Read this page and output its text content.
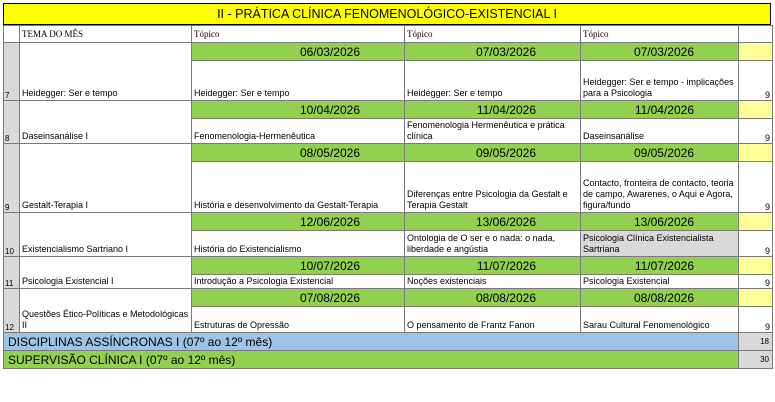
II - PRÁTICA CLÍNICA FENOMENOLÓGICO-EXISTENCIAL I
	TEMA DO MÊS	Tópico	Tópico	Tópico	
7	Heidegger: Ser e tempo	06/03/2026	07/03/2026	07/03/2026	
		Heidegger: Ser e tempo	Heidegger: Ser e tempo	Heidegger: Ser e tempo - implicações para a Psicologia	9
8	Daseinsanálise I	10/04/2026	11/04/2026	11/04/2026	
		Fenomenologia-Hermenêutica	Fenomenologia Hermenêutica e prática clínica	Daseinsanálise	9
9	Gestalt-Terapia I	08/05/2026	09/05/2026	09/05/2026	
		História e desenvolvimento da Gestalt-Terapia	Diferenças entre Psicologia da Gestalt e Terapia Gestalt	Contacto, fronteira de contacto, teoria de campo, Awarenes, o Aqui e Agora, figura/fundo	9
10	Existencialismo Sartriano I	12/06/2026	13/06/2026	13/06/2026	
		História do Existencialismo	Ontologia de O ser e o nada: o nada, liberdade e angústia	Psicologia Clínica Existencialista Sartriana	9
11	Psicologia Existencial I	10/07/2026	11/07/2026	11/07/2026	
		Introdução a Psicologia Existencial	Noções existenciais	Psicologia Existencial	9
12	Questões Ético-Políticas e Metodológicas II	07/08/2026	08/08/2026	08/08/2026	
		Estruturas de Opressão	O pensamento de Frantz Fanon	Sarau Cultural Fenomenológico	9
DISCIPLINAS ASSÍNCRONAS I (07º ao 12º mês)					18
SUPERVISÃO CLÍNICA I (07º ao 12º mês)					30
